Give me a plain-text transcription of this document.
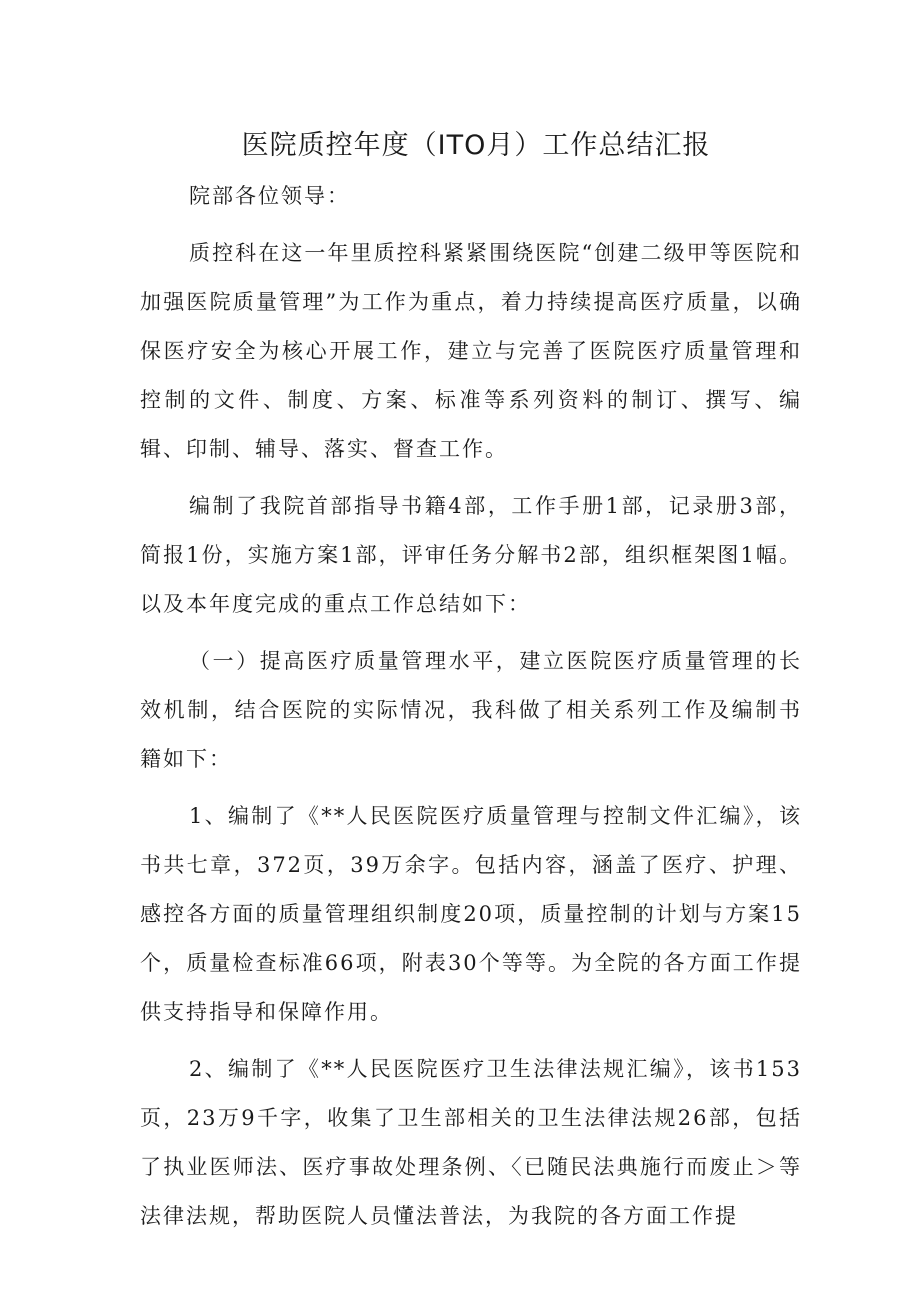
医院质控年度（ITO月）工作总结汇报

院部各位领导：

质控科在这一年里质控科紧紧围绕医院“创建二级甲等医院和加强医院质量管理”为工作为重点，着力持续提高医疗质量，以确保医疗安全为核心开展工作，建立与完善了医院医疗质量管理和控制的文件、制度、方案、标准等系列资料的制订、撰写、编辑、印制、辅导、落实、督查工作。

编制了我院首部指导书籍4部，工作手册1部，记录册3部，简报1份，实施方案1部，评审任务分解书2部，组织框架图1幅。以及本年度完成的重点工作总结如下：

（一）提高医疗质量管理水平，建立医院医疗质量管理的长效机制，结合医院的实际情况，我科做了相关系列工作及编制书籍如下：

1、编制了《**人民医院医疗质量管理与控制文件汇编》，该书共七章，372页，39万余字。包括内容，涵盖了医疗、护理、感控各方面的质量管理组织制度20项，质量控制的计划与方案15个，质量检查标准66项，附表30个等等。为全院的各方面工作提供支持指导和保障作用。

2、编制了《**人民医院医疗卫生法律法规汇编》，该书153页，23万9千字，收集了卫生部相关的卫生法律法规26部，包括了执业医师法、医疗事故处理条例、〈已随民法典施行而废止＞等法律法规，帮助医院人员懂法普法，为我院的各方面工作提
